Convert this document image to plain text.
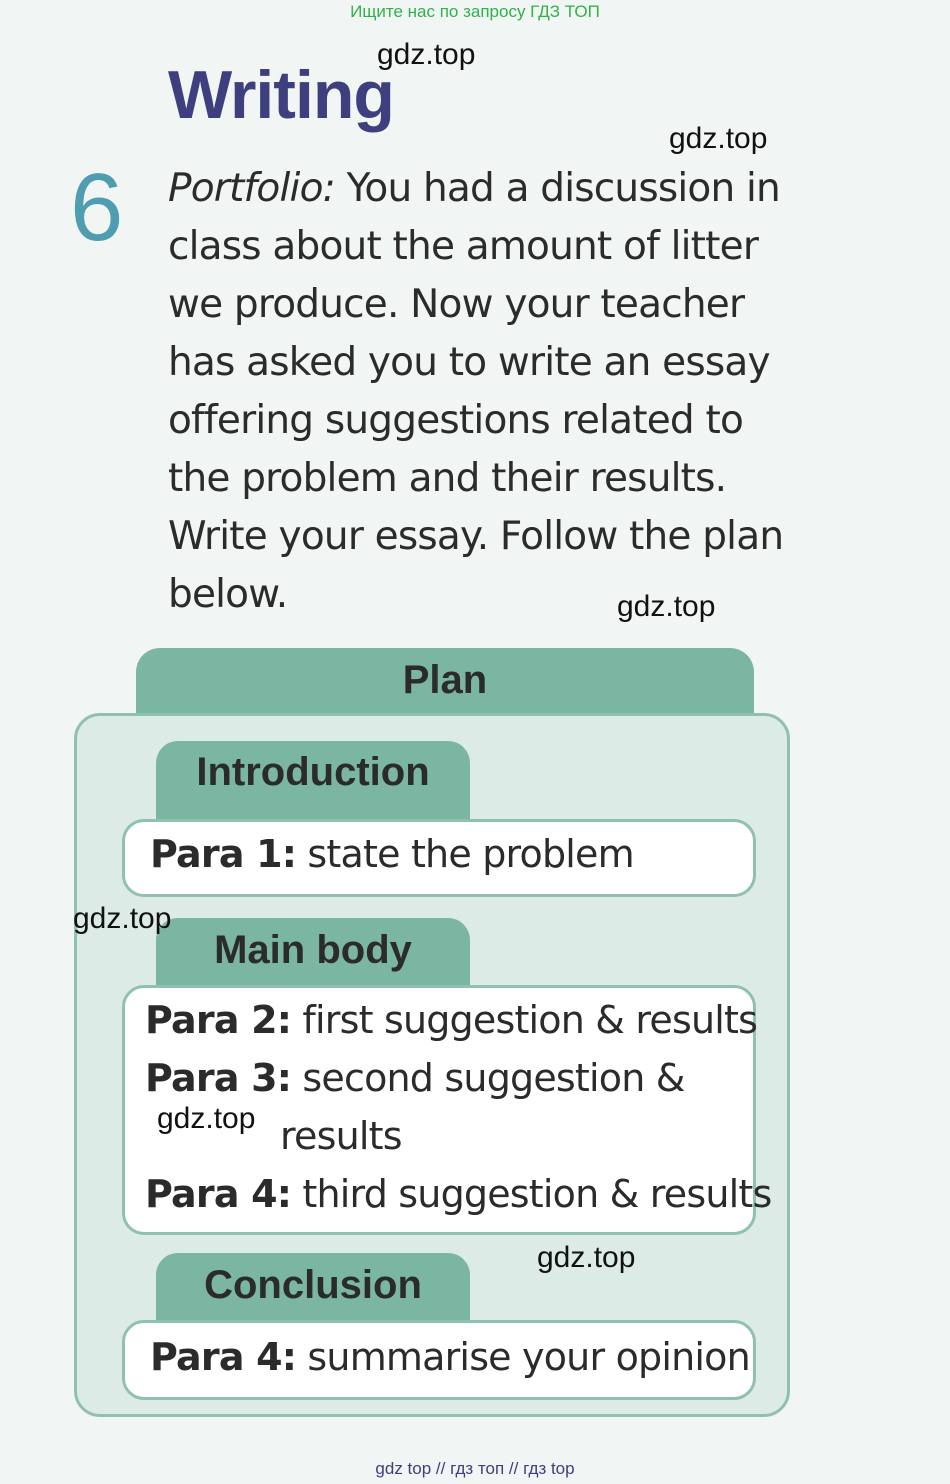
Ищите нас по запросу ГДЗ ТОП
Writing
6 Portfolio: You had a discussion in class about the amount of litter we produce. Now your teacher has asked you to write an essay offering suggestions related to the problem and their results. Write your essay. Follow the plan below.

Plan
Introduction
Para 1: state the problem
Main body
Para 2: first suggestion & results
Para 3: second suggestion &
results
Para 4: third suggestion & results
Conclusion
Para 4: summarise your opinion
gdz.top
gdz.top
gdz.top
gdz.top
gdz.top
gdz.top
gdz top // гдз топ // гдз top
